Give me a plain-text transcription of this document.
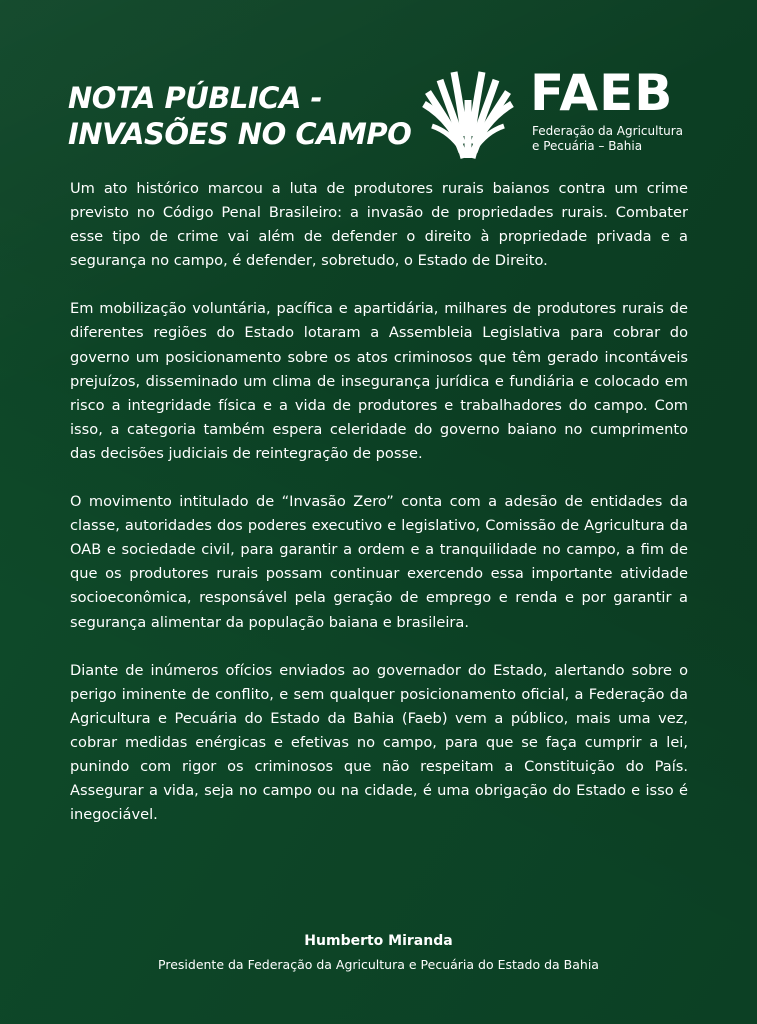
NOTA PÚBLICA -
INVASÕES NO CAMPO
FAEB
Federação da Agricultura
e Pecuária – Bahia

Um ato histórico marcou a luta de produtores rurais baianos contra um crime previsto no Código Penal Brasileiro: a invasão de propriedades rurais. Combater esse tipo de crime vai além de defender o direito à propriedade privada e a segurança no campo, é defender, sobretudo, o Estado de Direito.

Em mobilização voluntária, pacífica e apartidária, milhares de produtores rurais de diferentes regiões do Estado lotaram a Assembleia Legislativa para cobrar do governo um posicionamento sobre os atos criminosos que têm gerado incontáveis prejuízos, disseminado um clima de insegurança jurídica e fundiária e colocado em risco a integridade física e a vida de produtores e trabalhadores do campo. Com isso, a categoria também espera celeridade do governo baiano no cumprimento das decisões judiciais de reintegração de posse.

O movimento intitulado de “Invasão Zero” conta com a adesão de entidades da classe, autoridades dos poderes executivo e legislativo, Comissão de Agricultura da OAB e sociedade civil, para garantir a ordem e a tranquilidade no campo, a fim de que os produtores rurais possam continuar exercendo essa importante atividade socioeconômica, responsável pela geração de emprego e renda e por garantir a segurança alimentar da população baiana e brasileira.

Diante de inúmeros ofícios enviados ao governador do Estado, alertando sobre o perigo iminente de conflito, e sem qualquer posicionamento oficial, a Federação da Agricultura e Pecuária do Estado da Bahia (Faeb) vem a público, mais uma vez, cobrar medidas enérgicas e efetivas no campo, para que se faça cumprir a lei, punindo com rigor os criminosos que não respeitam a Constituição do País. Assegurar a vida, seja no campo ou na cidade, é uma obrigação do Estado e isso é inegociável.

Humberto Miranda
Presidente da Federação da Agricultura e Pecuária do Estado da Bahia
